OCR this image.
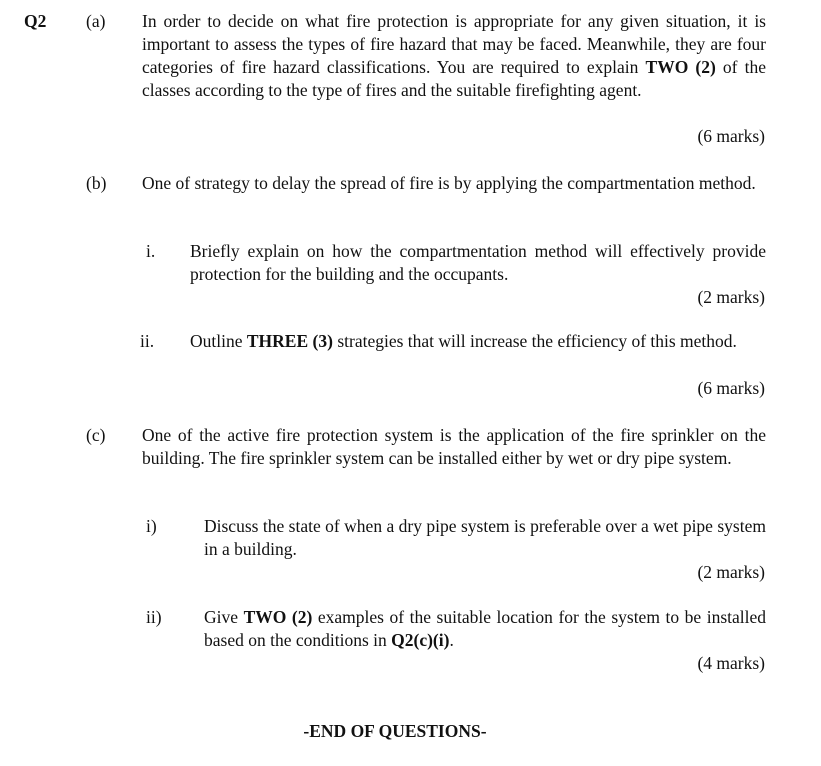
Q2 (a) In order to decide on what fire protection is appropriate for any given situation, it is important to assess the types of fire hazard that may be faced. Meanwhile, they are four categories of fire hazard classifications. You are required to explain TWO (2) of the classes according to the type of fires and the suitable firefighting agent.
(6 marks)
(b) One of strategy to delay the spread of fire is by applying the compartmentation method.
i. Briefly explain on how the compartmentation method will effectively provide protection for the building and the occupants.
(2 marks)
ii. Outline THREE (3) strategies that will increase the efficiency of this method.
(6 marks)
(c) One of the active fire protection system is the application of the fire sprinkler on the building. The fire sprinkler system can be installed either by wet or dry pipe system.
i)	Discuss the state of when a dry pipe system is preferable over a wet pipe system in a building.
(2 marks)
ii) Give TWO (2) examples of the suitable location for the system to be installed based on the conditions in Q2(c)(i).
(4 marks)
-END OF QUESTIONS-
